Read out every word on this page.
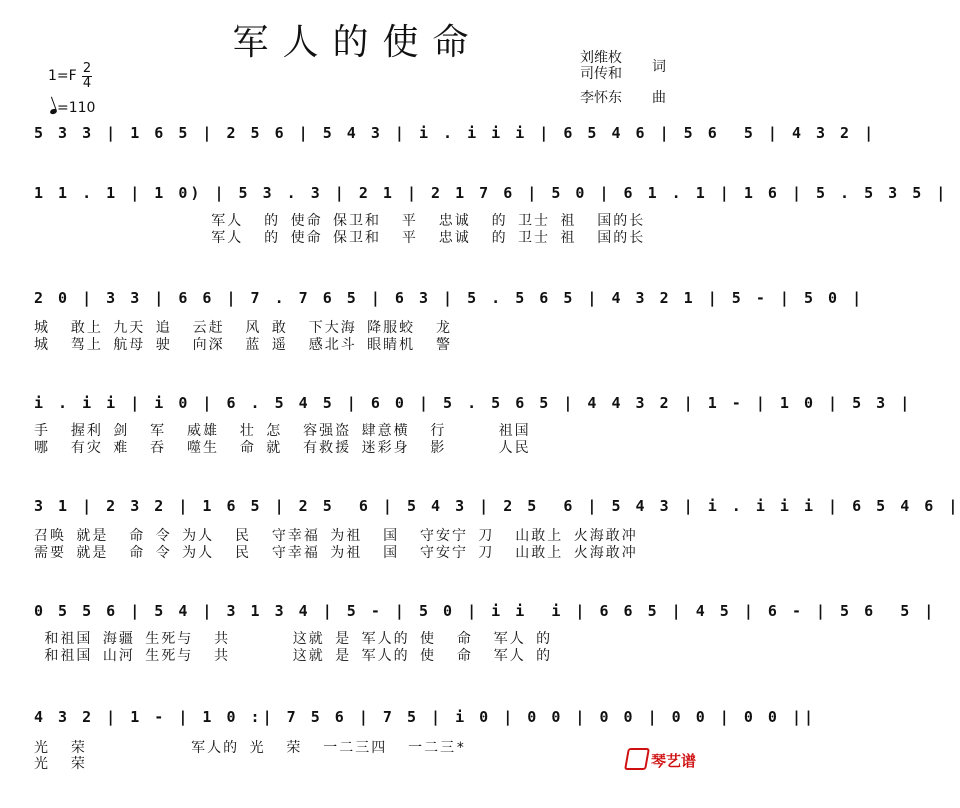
军人的使命	刘维枚
司传和 词
李怀东 曲
1=F 2
4
=110
5 3 3 | 1 6 5 | 2 5 6 | 5 4 3 | i . i i i | 6 5 4 6 | 5 6  5 | 4 3 2 |
1 1 . 1 | 1 0) | 5 3 . 3 | 2 1 | 2 1 7 6 | 5 0 | 6 1 . 1 | 1 6 | 5 . 5 3 5 |
军人  的 使命 保卫和  平  忠诚  的 卫士 祖  国的长
军人  的 使命 保卫和  平  忠诚  的 卫士 祖  国的长
2 0 | 3 3 | 6 6 | 7 . 7 6 5 | 6 3 | 5 . 5 6 5 | 4 3 2 1 | 5 - | 5 0 |
城  敢上 九天 追  云赶  风 敢  下大海 降服蛟  龙
城  驾上 航母 驶  向深  蓝 遥  感北斗 眼睛机  警
i . i i | i 0 | 6 . 5 4 5 | 6 0 | 5 . 5 6 5 | 4 4 3 2 | 1 - | 1 0 | 5 3 |
手  握利 剑  军  威雄  壮 怎  容强盗 肆意横  行     祖国
哪  有灾 难  吞  噬生  命 就  有救援 迷彩身  影     人民
3 1 | 2 3 2 | 1 6 5 | 2 5  6 | 5 4 3 | 2 5  6 | 5 4 3 | i . i i i | 6 5 4 6 |
召唤 就是  命 令 为人  民  守幸福 为祖  国  守安宁 刀  山敢上 火海敢冲
需要 就是  命 令 为人  民  守幸福 为祖  国  守安宁 刀  山敢上 火海敢冲
0 5 5 6 | 5 4 | 3 1 3 4 | 5 - | 5 0 | i i  i | 6 6 5 | 4 5 | 6 - | 5 6  5 |
和祖国 海疆 生死与  共      这就 是 军人的 使  命  军人 的
和祖国 山河 生死与  共      这就 是 军人的 使  命  军人 的
4 3 2 | 1 - | 1 0 :| 7 5 6 | 7 5 | i 0 | 0 0 | 0 0 | 0 0 | 0 0 ||
光  荣          军人的 光  荣  一二三四  一二三*
光  荣	琴艺谱
